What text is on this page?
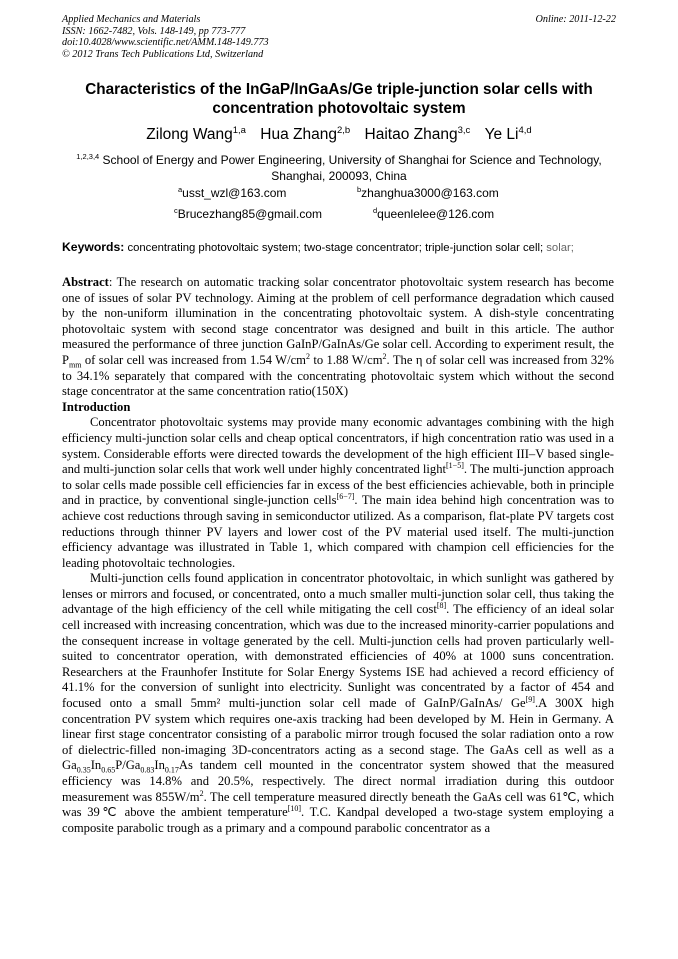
Applied Mechanics and Materials
ISSN: 1662-7482, Vols. 148-149, pp 773-777
doi:10.4028/www.scientific.net/AMM.148-149.773
© 2012 Trans Tech Publications Ltd, Switzerland
Online: 2011-12-22
Characteristics of the InGaP/InGaAs/Ge triple-junction solar cells with
concentration photovoltaic system
Zilong Wang$^{1,a}$ Hua Zhang$^{2,b}$ Haitao Zhang$^{3,c}$ Ye Li$^{4,d}$
$^{1,2,3,4}$ School of Energy and Power Engineering, University of Shanghai for Science and Technology,
Shanghai, 200093, China
$^a$usst_wzl@163.com	$^b$zhanghua3000@163.com
$^c$Brucezhang85@gmail.com	$^d$queenlelee@126.com
Keywords: concentrating photovoltaic system; two-stage concentrator; triple-junction solar cell; solar;

Abstract: The research on automatic tracking solar concentrator photovoltaic system research has become one of issues of solar PV technology. Aiming at the problem of cell performance degradation which caused by the non-uniform illumination in the concentrating photovoltaic system. A dish-style concentrating photovoltaic system with second stage concentrator was designed and built in this article. The author measured the performance of three junction GaInP/GaInAs/Ge solar cell. According to experiment result, the $P_{mm}$ of solar cell was increased from 1.54 $W/cm^2$ to 1.88 $W/cm^2$. The η of solar cell was increased from 32% to 34.1% separately that compared with the concentrating photovoltaic system which without the second stage concentrator at the same concentration ratio(150X)

Introduction

Concentrator photovoltaic systems may provide many economic advantages combining with the high efficiency multi-junction solar cells and cheap optical concentrators, if high concentration ratio was used in a system. Considerable efforts were directed towards the development of the high efficient III–V based single- and multi-junction solar cells that work well under highly concentrated light[1−5]. The multi-junction approach to solar cells made possible cell efficiencies far in excess of the best efficiencies achievable, both in principle and in practice, by conventional single-junction cells[6−7]. The main idea behind high concentration was to achieve cost reductions through saving in semiconductor utilized. As a comparison, flat-plate PV targets cost reductions through thinner PV layers and lower cost of the PV material used itself. The multi-junction efficiency advantage was illustrated in Table 1, which compared with champion cell efficiencies for the leading photovoltaic technologies.

Multi-junction cells found application in concentrator photovoltaic, in which sunlight was gathered by lenses or mirrors and focused, or concentrated, onto a much smaller multi-junction solar cell, thus taking the advantage of the high efficiency of the cell while mitigating the cell cost[8]. The efficiency of an ideal solar cell increased with increasing concentration, which was due to the increased minority-carrier populations and the consequent increase in voltage generated by the cell. Multi-junction cells had proven particularly well-suited to concentrator operation, with demonstrated efficiencies of 40% at 1000 suns concentration. Researchers at the Fraunhofer Institute for Solar Energy Systems ISE had achieved a record efficiency of 41.1% for the conversion of sunlight into electricity. Sunlight was concentrated by a factor of 454 and focused onto a small 5mm² multi-junction solar cell made of GaInP/GaInAs/ Ge[9].A 300X high concentration PV system which requires one-axis tracking had been developed by M. Hein in Germany. A linear first stage concentrator consisting of a parabolic mirror trough focused the solar radiation onto a row of dielectric-filled non-imaging 3D-concentrators acting as a second stage. The GaAs cell as well as a $Ga_{0.35}In_{0.65}P/Ga_{0.83}In_{0.17}As$ tandem cell mounted in the concentrator system showed that the measured efficiency was 14.8% and 20.5%, respectively. The direct normal irradiation during this outdoor measurement was $855W/m^2$. The cell temperature measured directly beneath the GaAs cell was 61℃, which was 39℃ above the ambient temperature[10]. T.C. Kandpal developed a two-stage system employing a composite parabolic trough as a primary and a compound parabolic concentrator as a
